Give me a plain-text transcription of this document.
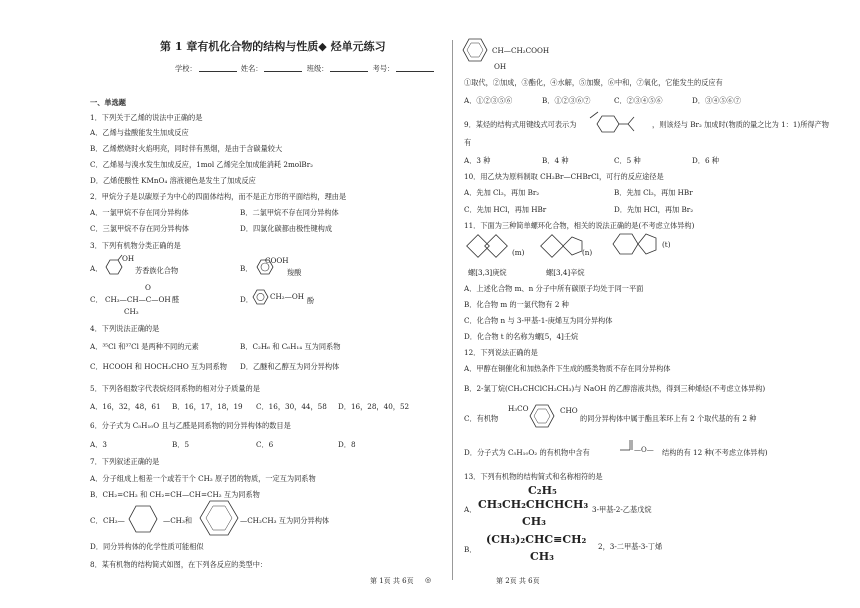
第 1 章有机化合物的结构与性质◆ 烃单元练习
学校：	姓名：	班级：	考号：
一、单选题
1．下列关于乙烯的说法中正确的是
A．乙烯与盐酸能发生加成反应
B．乙烯燃烧时火焰明亮，同时伴有黑烟，是由于含碳量较大
C．乙烯易与溴水发生加成反应，1mol 乙烯完全加成能消耗 2molBr₂
D．乙烯使酸性 KMnO₄ 溶液褪色是发生了加成反应
2．甲烷分子是以碳原子为中心的四面体结构，而不是正方形的平面结构，理由是
A．一氯甲烷不存在同分异构体	B．二氯甲烷不存在同分异构体
C．三氯甲烷不存在同分异构体	D．四氯化碳都由极性键构成
3．下列有机物分类正确的是
A．
OH
芳香族化合物	B．
COOH
羧酸
C．
O
CH₃—CH—C—OH
CH₃
醛	D． CH₂—OH 酚
4．下列说法正确的是
A．³⁵Cl 和³⁷Cl 是两种不同的元素	B．C₂H₆ 和 C₆H₁₄ 互为同系物
C．HCOOH 和 HOCH₂CHO 互为同系物 D．乙醚和乙醇互为同分异构体
5．下列各组数字代表烷烃同系物的相对分子质量的是
A．16，32，48，61 B．16，17，18，19 C．16，30，44，58 D．16，28，40，52
6．分子式为 C₅H₁₀O 且与乙醛是同系物的同分异构体的数目是
A．3	B．5	C．6	D．8
7．下列叙述正确的是
A．分子组成上相差一个或若干个 CH₂ 原子团的物质，一定互为同系物
B．CH₂=CH₂ 和 CH₂=CH—CH=CH₂ 互为同系物
C． CH₃—	—CH₃和	—CH₂CH₃ 互为同分异构体
D．同分异构体的化学性质可能相似
8．某有机物的结构简式如图，在下列各反应的类型中：
第 1页 共 6页 ◎
CH—CH₂COOH
OH
①取代，②加成，③酯化，④水解，⑤加聚，⑥中和，⑦氧化，它能发生的反应有
A．①②③⑤⑥	B．①②③⑥⑦	C．②③④⑤⑥	D．③④⑤⑥⑦
9．某烃的结构式用键线式可表示为	，则该烃与 Br₂ 加成时(物质的量之比为 1：1)所得产物
有
A．3 种	B．4 种	C．5 种	D．6 种
10．用乙炔为原料制取 CH₂Br—CHBrCl，可行的反应途径是
A．先加 Cl₂，再加 Br₂	B．先加 Cl₂，再加 HBr
C．先加 HCl，再加 HBr	D．先加 HCl，再加 Br₂
11．下面为三种简单螺环化合物，相关的说法正确的是(不考虑立体异构)
(m)	(n)
(t)
螺[3,3]庚烷	螺[3,4]辛烷
A．上述化合物 m、n 分子中所有碳原子均处于同一平面
B．化合物 m 的一氯代物有 2 种
C．化合物 n 与 3-甲基-1-庚烯互为同分异构体
D．化合物 t 的名称为螺[5，4]壬烷
12．下列说法正确的是
A．甲醇在铜催化和加热条件下生成的醛类物质不存在同分异构体
B．2-氯丁烷(CH₃CHClCH₂CH₃)与 NaOH 的乙醇溶液共热，得到三种烯烃(不考虑立体异构)
C．有机物
H₃CO	CHO
的同分异构体中属于酯且苯环上有 2 个取代基的有 2 种
D．分子式为 C₅H₁₀O₂ 的有机物中含有	—O— 结构的有 12 种(不考虑立体异构)
13．下列有机物的结构简式和名称相符的是
C₂H₅
A． CH₃CH₂CHCHCH₃ 3-甲基-2-乙基戊烷
CH₃
B．
(CH₃)₂CHC≡CH₂
2，3-二甲基-3-丁烯
CH₃
第 2页 共 6页
